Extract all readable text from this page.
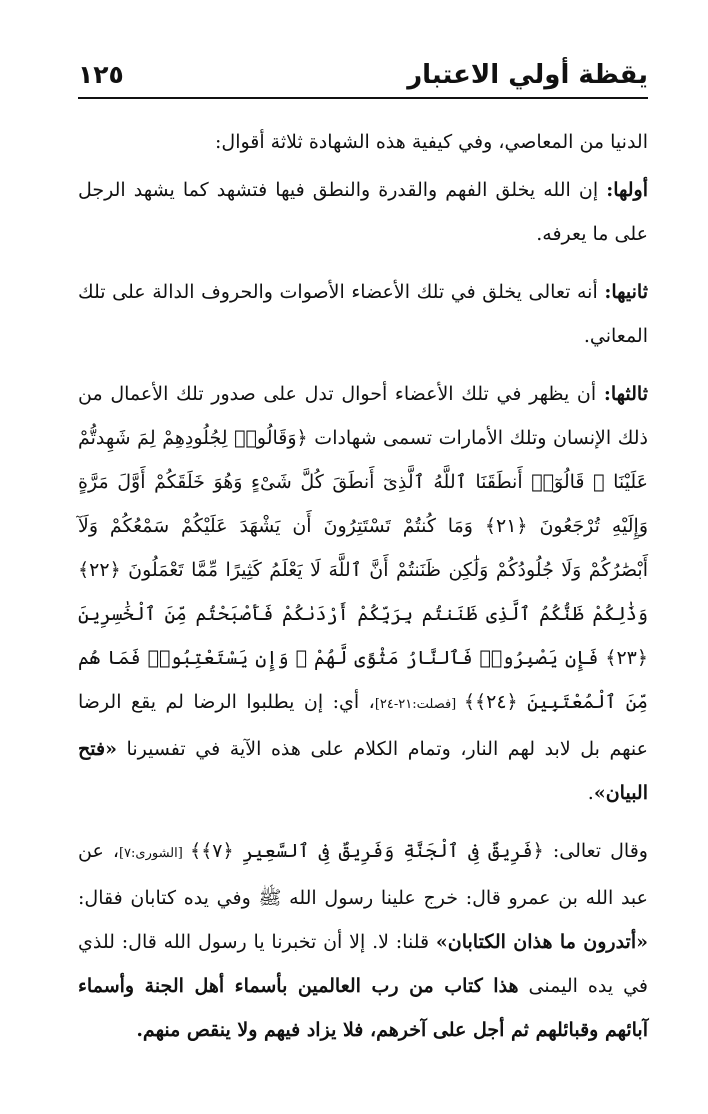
يقظة أولي الاعتبار
١٢٥

الدنيا من المعاصي، وفي كيفية هذه الشهادة ثلاثة أقوال:

أولها: إن الله يخلق الفهم والقدرة والنطق فيها فتشهد كما يشهد الرجل على ما يعرفه.

ثانيها: أنه تعالى يخلق في تلك الأعضاء الأصوات والحروف الدالة على تلك المعاني.

ثالثها: أن يظهر في تلك الأعضاء أحوال تدل على صدور تلك الأعمال من ذلك الإنسان وتلك الأمارات تسمى شهادات ﴿وَقَالُوا۟ لِجُلُودِهِمْ لِمَ شَهِدتُّمْ عَلَيْنَا ۖ قَالُوٓا۟ أَنطَقَنَا ٱللَّهُ ٱلَّذِىٓ أَنطَقَ كُلَّ شَىْءٍ وَهُوَ خَلَقَكُمْ أَوَّلَ مَرَّةٍ وَإِلَيْهِ تُرْجَعُونَ ﴿٢١﴾ وَمَا كُنتُمْ تَسْتَتِرُونَ أَن يَشْهَدَ عَلَيْكُمْ سَمْعُكُمْ وَلَآ أَبْصَٰرُكُمْ وَلَا جُلُودُكُمْ وَلَٰكِن ظَنَنتُمْ أَنَّ ٱللَّهَ لَا يَعْلَمُ كَثِيرًا مِّمَّا تَعْمَلُونَ ﴿٢٢﴾ وَذَٰلِكُمْ ظَنُّكُمُ ٱلَّذِى ظَنَنتُم بِرَبِّكُمْ أَرْدَىٰكُمْ فَأَصْبَحْتُم مِّنَ ٱلْخَٰسِرِينَ ﴿٢٣﴾ فَإِن يَصْبِرُوا۟ فَٱلنَّارُ مَثْوًى لَّهُمْ ۖ وَإِن يَسْتَعْتِبُوا۟ فَمَا هُم مِّنَ ٱلْمُعْتَبِينَ ﴿٢٤﴾﴾ [فصلت:٢١-٢٤]، أي: إن يطلبوا الرضا لم يقع الرضا عنهم بل لابد لهم النار، وتمام الكلام على هذه الآية في تفسيرنا «فتح البيان».

وقال تعالى: ﴿فَرِيقٌ فِى ٱلْجَنَّةِ وَفَرِيقٌ فِى ٱلسَّعِيرِ ﴿٧﴾﴾ [الشورى:٧]، عن عبد الله بن عمرو قال: خرج علينا رسول الله ﷺ وفي يده كتابان فقال: «أتدرون ما هذان الكتابان» قلنا: لا. إلا أن تخبرنا يا رسول الله قال: للذي في يده اليمنى هذا كتاب من رب العالمين بأسماء أهل الجنة وأسماء آبائهم وقبائلهم ثم أجل على آخرهم، فلا يزاد فيهم ولا ينقص منهم.
